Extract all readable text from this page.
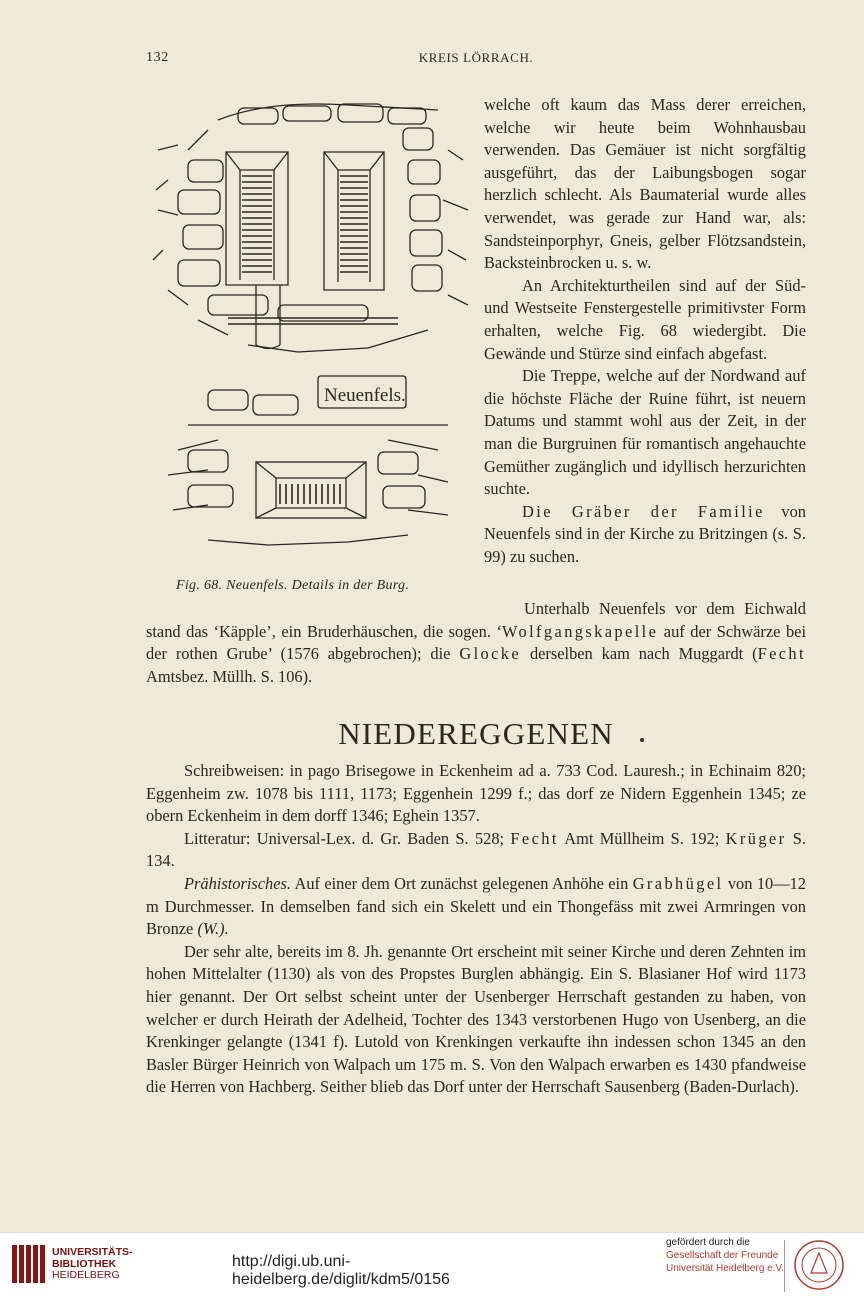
132	KREIS LÖRRACH.
Neuenfels.
Fig. 68. Neuenfels. Details in der Burg.

welche oft kaum das Mass derer erreichen, welche wir heute beim Wohnhausbau verwenden. Das Gemäuer ist nicht sorgfältig ausgeführt, das der Laibungsbogen sogar herzlich schlecht. Als Baumaterial wurde alles verwendet, was gerade zur Hand war, als: Sandsteinporphyr, Gneis, gelber Flötzsandstein, Backsteinbrocken u. s. w.

An Architekturtheilen sind auf der Süd- und Westseite Fenstergestelle primitivster Form erhalten, welche Fig. 68 wiedergibt. Die Gewände und Stürze sind einfach abgefast.

Die Treppe, welche auf der Nordwand auf die höchste Fläche der Ruine führt, ist neuern Datums und stammt wohl aus der Zeit, in der man die Burgruinen für romantisch angehauchte Gemüther zugänglich und idyllisch herzurichten suchte.

Die Gräber der Familie von Neuenfels sind in der Kirche zu Britzingen (s. S. 99) zu suchen.

Unterhalb Neuenfels vor dem Eichwald stand das ‘Käpple’, ein Bruderhäuschen, die sogen. ‘Wolfgangskapelle auf der Schwärze bei der rothen Grube’ (1576 abgebrochen); die Glocke derselben kam nach Muggardt (Fecht Amtsbez. Müllh. S. 106).

NIEDEREGGENEN

Schreibweisen: in pago Brisegowe in Eckenheim ad a. 733 Cod. Lauresh.; in Echinaim 820; Eggenheim zw. 1078 bis 1111, 1173; Eggenhein 1299 f.; das dorf ze Nidern Eggenhein 1345; ze obern Eckenheim in dem dorff 1346; Eghein 1357.

Litteratur: Universal-Lex. d. Gr. Baden S. 528; Fecht Amt Müllheim S. 192; Krüger S. 134.

Prähistorisches. Auf einer dem Ort zunächst gelegenen Anhöhe ein Grabhügel von 10—12 m Durchmesser. In demselben fand sich ein Skelett und ein Thongefäss mit zwei Armringen von Bronze (W.).

Der sehr alte, bereits im 8. Jh. genannte Ort erscheint mit seiner Kirche und deren Zehnten im hohen Mittelalter (1130) als von des Propstes Burglen abhängig. Ein S. Blasianer Hof wird 1173 hier genannt. Der Ort selbst scheint unter der Usenberger Herrschaft gestanden zu haben, von welcher er durch Heirath der Adelheid, Tochter des 1343 verstorbenen Hugo von Usenberg, an die Krenkinger gelangte (1341 f). Lutold von Krenkingen verkaufte ihn indessen schon 1345 an den Basler Bürger Heinrich von Walpach um 175 m. S. Von den Walpach erwarben es 1430 pfandweise die Herren von Hachberg. Seither blieb das Dorf unter der Herrschaft Sausenberg (Baden-Durlach).

UNIVERSITÄTS-
BIBLIOTHEK
HEIDELBERG
http://digi.ub.uni-heidelberg.de/diglit/kdm5/0156
gefördert durch die
Gesellschaft der Freunde
Universität Heidelberg e.V.
